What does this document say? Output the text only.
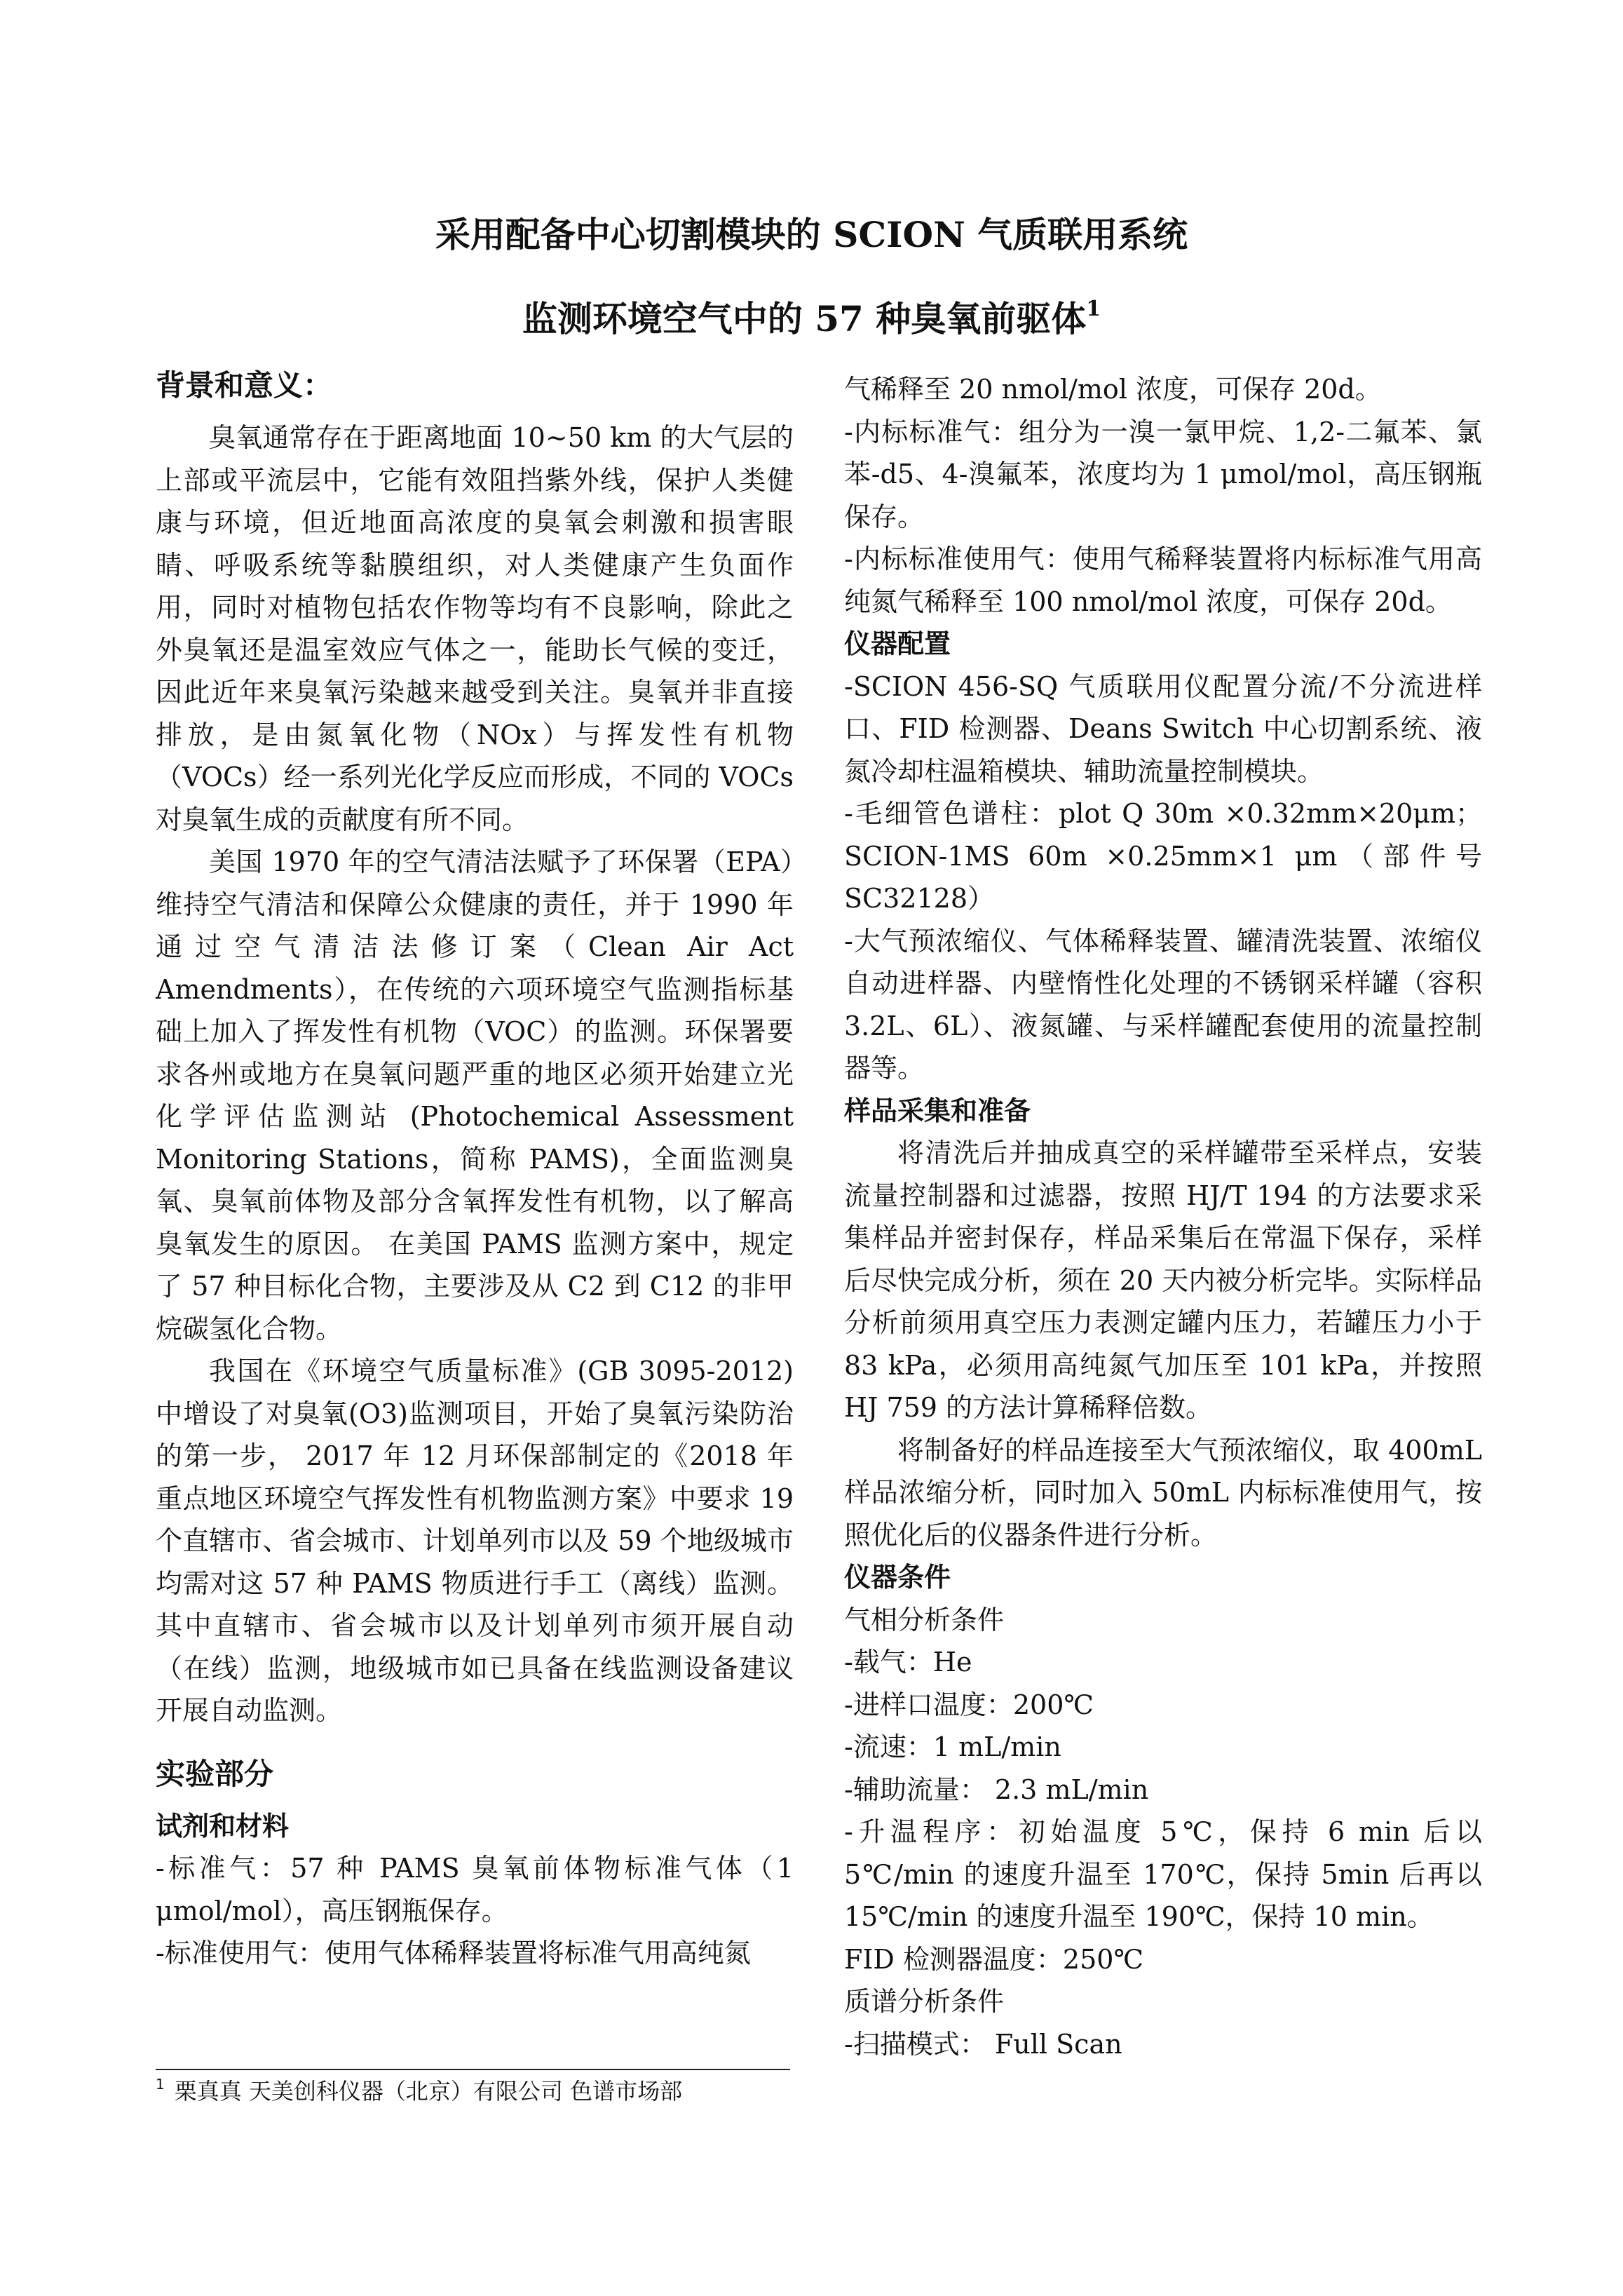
采用配备中心切割模块的 SCION 气质联用系统
监测环境空气中的 57 种臭氧前驱体$^1$
背景和意义：

臭氧通常存在于距离地面 10~50 km 的大气层的上部或平流层中，它能有效阻挡紫外线，保护人类健康与环境，但近地面高浓度的臭氧会刺激和损害眼睛、呼吸系统等黏膜组织，对人类健康产生负面作用，同时对植物包括农作物等均有不良影响，除此之外臭氧还是温室效应气体之一，能助长气候的变迁，因此近年来臭氧污染越来越受到关注。臭氧并非直接排放，是由氮氧化物（NOx）与挥发性有机物（VOCs）经一系列光化学反应而形成，不同的 VOCs 对臭氧生成的贡献度有所不同。

美国 1970 年的空气清洁法赋予了环保署（EPA）维持空气清洁和保障公众健康的责任，并于 1990 年通过空气清洁法修订案（Clean Air Act Amendments），在传统的六项环境空气监测指标基础上加入了挥发性有机物（VOC）的监测。环保署要求各州或地方在臭氧问题严重的地区必须开始建立光化学评估监测站 (Photochemical Assessment Monitoring Stations，简称 PAMS)，全面监测臭氧、臭氧前体物及部分含氧挥发性有机物，以了解高臭氧发生的原因。 在美国 PAMS 监测方案中，规定了 57 种目标化合物，主要涉及从 C2 到 C12 的非甲烷碳氢化合物。

我国在《环境空气质量标准》(GB 3095-2012) 中增设了对臭氧(O3)监测项目，开始了臭氧污染防治的第一步， 2017 年 12 月环保部制定的《2018 年重点地区环境空气挥发性有机物监测方案》中要求 19 个直辖市、省会城市、计划单列市以及 59 个地级城市均需对这 57 种 PAMS 物质进行手工（离线）监测。其中直辖市、省会城市以及计划单列市须开展自动（在线）监测，地级城市如已具备在线监测设备建议开展自动监测。

实验部分
试剂和材料

-标准气：57 种 PAMS 臭氧前体物标准气体（1 μmol/mol），高压钢瓶保存。

-标准使用气：使用气体稀释装置将标准气用高纯氮

气稀释至 20 nmol/mol 浓度，可保存 20d。

-内标标准气：组分为一溴一氯甲烷、1,2-二氟苯、氯苯-d5、4-溴氟苯，浓度均为 1 μmol/mol，高压钢瓶保存。

-内标标准使用气：使用气稀释装置将内标标准气用高纯氮气稀释至 100 nmol/mol 浓度，可保存 20d。

仪器配置

-SCION 456-SQ 气质联用仪配置分流/不分流进样口、FID 检测器、Deans Switch 中心切割系统、液氮冷却柱温箱模块、辅助流量控制模块。

-毛细管色谱柱：plot Q 30m ×0.32mm×20μm；SCION-1MS 60m ×0.25mm×1 μm（部件号 SC32128）

-大气预浓缩仪、气体稀释装置、罐清洗装置、浓缩仪自动进样器、内壁惰性化处理的不锈钢采样罐（容积 3.2L、6L）、液氮罐、与采样罐配套使用的流量控制器等。

样品采集和准备

将清洗后并抽成真空的采样罐带至采样点，安装流量控制器和过滤器，按照 HJ/T 194 的方法要求采集样品并密封保存，样品采集后在常温下保存，采样后尽快完成分析，须在 20 天内被分析完毕。实际样品分析前须用真空压力表测定罐内压力，若罐压力小于 83 kPa，必须用高纯氮气加压至 101 kPa，并按照 HJ 759 的方法计算稀释倍数。

将制备好的样品连接至大气预浓缩仪，取 400mL 样品浓缩分析，同时加入 50mL 内标标准使用气，按照优化后的仪器条件进行分析。

仪器条件

气相分析条件

-载气：He

-进样口温度：200℃

-流速：1 mL/min

-辅助流量： 2.3 mL/min

-升温程序：初始温度 5℃，保持 6 min 后以 5℃/min 的速度升温至 170℃，保持 5min 后再以 15℃/min 的速度升温至 190℃，保持 10 min。

FID 检测器温度：250℃

质谱分析条件

-扫描模式： Full Scan

$^1$ 栗真真 天美创科仪器（北京）有限公司 色谱市场部
